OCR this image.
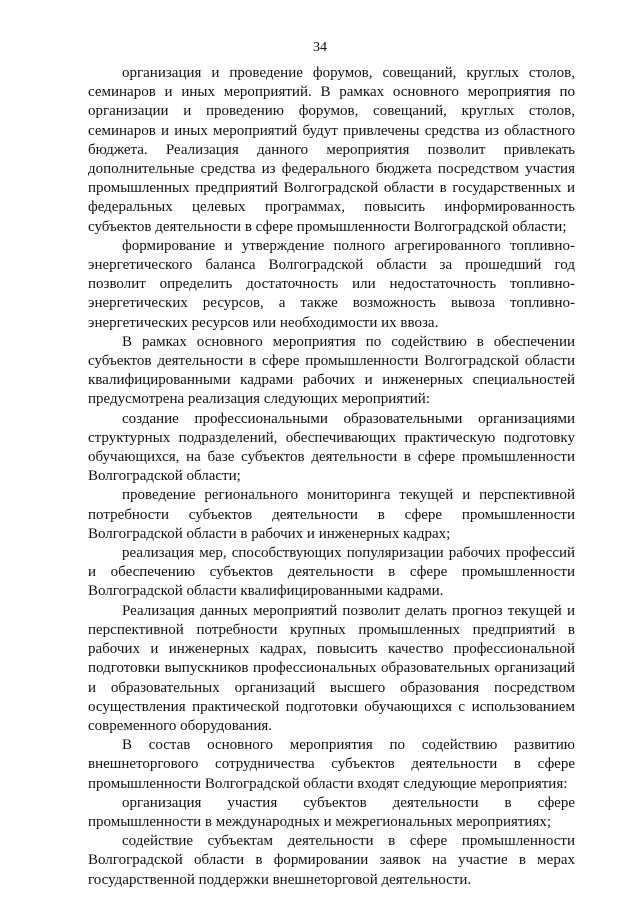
34

организация и проведение форумов, совещаний, круглых столов, семинаров и иных мероприятий. В рамках основного мероприятия по организации и проведению форумов, совещаний, круглых столов, семинаров и иных мероприятий будут привлечены средства из областного бюджета. Реализация данного мероприятия позволит привлекать дополнительные средства из федерального бюджета посредством участия промышленных предприятий Волгоградской области в государственных и федеральных целевых программах, повысить информированность субъектов деятельности в сфере промышленности Волгоградской области;

формирование и утверждение полного агрегированного топливно-энергетического баланса Волгоградской области за прошедший год позволит определить достаточность или недостаточность топливно-энергетических ресурсов, а также возможность вывоза топливно-энергетических ресурсов или необходимости их ввоза.

В рамках основного мероприятия по содействию в обеспечении субъектов деятельности в сфере промышленности Волгоградской области квалифицированными кадрами рабочих и инженерных специальностей предусмотрена реализация следующих мероприятий:

создание профессиональными образовательными организациями структурных подразделений, обеспечивающих практическую подготовку обучающихся, на базе субъектов деятельности в сфере промышленности Волгоградской области;

проведение регионального мониторинга текущей и перспективной потребности субъектов деятельности в сфере промышленности Волгоградской области в рабочих и инженерных кадрах;

реализация мер, способствующих популяризации рабочих профессий и обеспечению субъектов деятельности в сфере промышленности Волгоградской области квалифицированными кадрами.

Реализация данных мероприятий позволит делать прогноз текущей и перспективной потребности крупных промышленных предприятий в рабочих и инженерных кадрах, повысить качество профессиональной подготовки выпускников профессиональных образовательных организаций и образовательных организаций высшего образования посредством осуществления практической подготовки обучающихся с использованием современного оборудования.

В состав основного мероприятия по содействию развитию внешнеторгового сотрудничества субъектов деятельности в сфере промышленности Волгоградской области входят следующие мероприятия:

организация участия субъектов деятельности в сфере промышленности в международных и межрегиональных мероприятиях;

содействие субъектам деятельности в сфере промышленности Волгоградской области в формировании заявок на участие в мерах государственной поддержки внешнеторговой деятельности.
